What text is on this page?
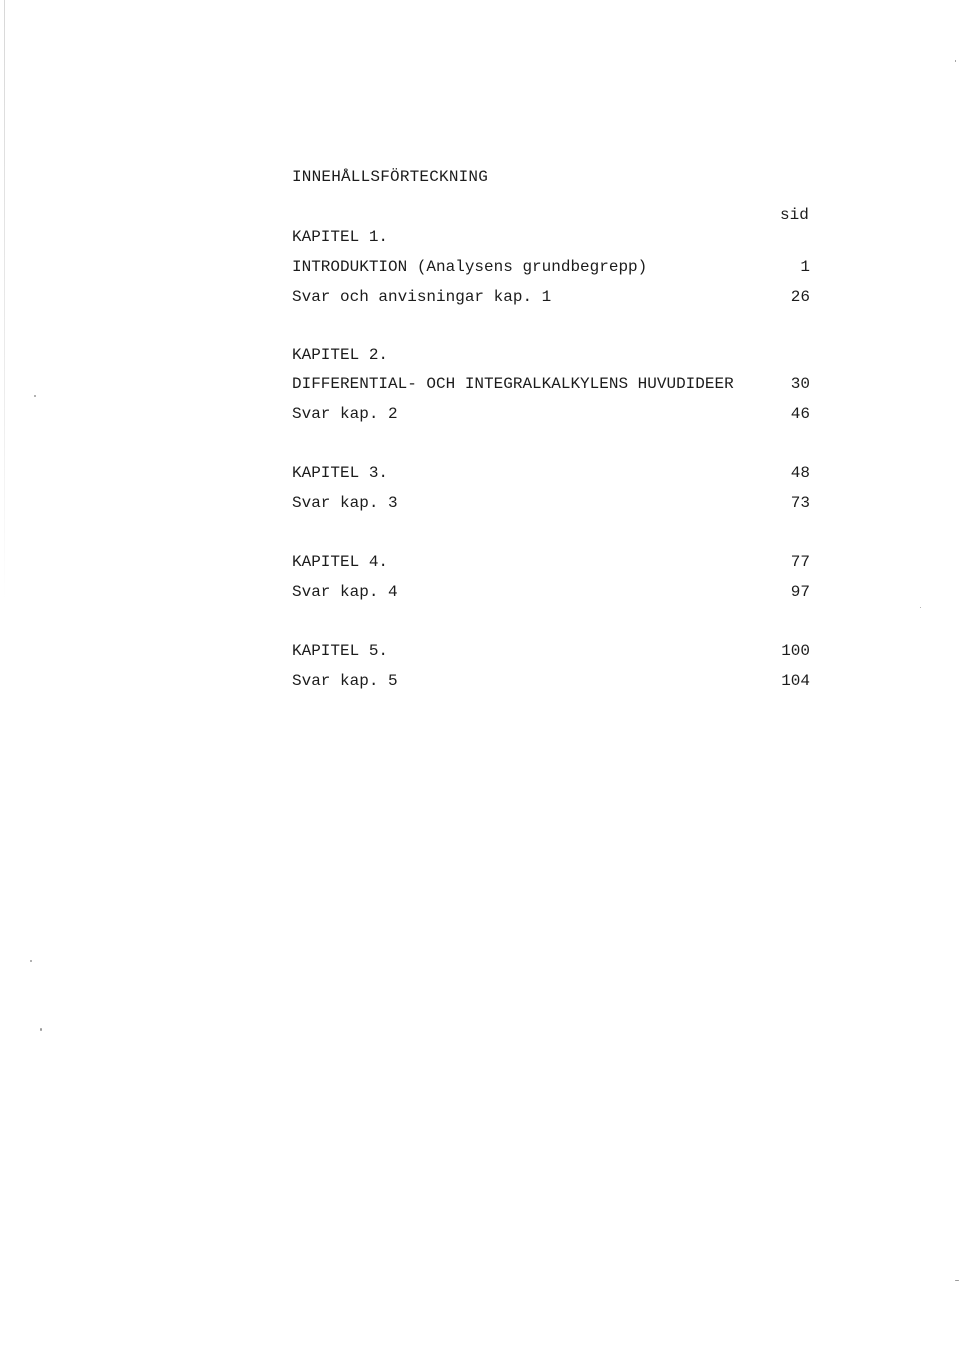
INNEHÅLLSFÖRTECKNING
sid
KAPITEL 1.
INTRODUKTION (Analysens grundbegrepp)	1
Svar och anvisningar kap. 1	26
KAPITEL 2.
DIFFERENTIAL- OCH INTEGRALKALKYLENS HUVUDIDEER	30
Svar kap. 2	46
KAPITEL 3.	48
Svar kap. 3	73
KAPITEL 4.	77
Svar kap. 4	97
KAPITEL 5.	100
Svar kap. 5	104
